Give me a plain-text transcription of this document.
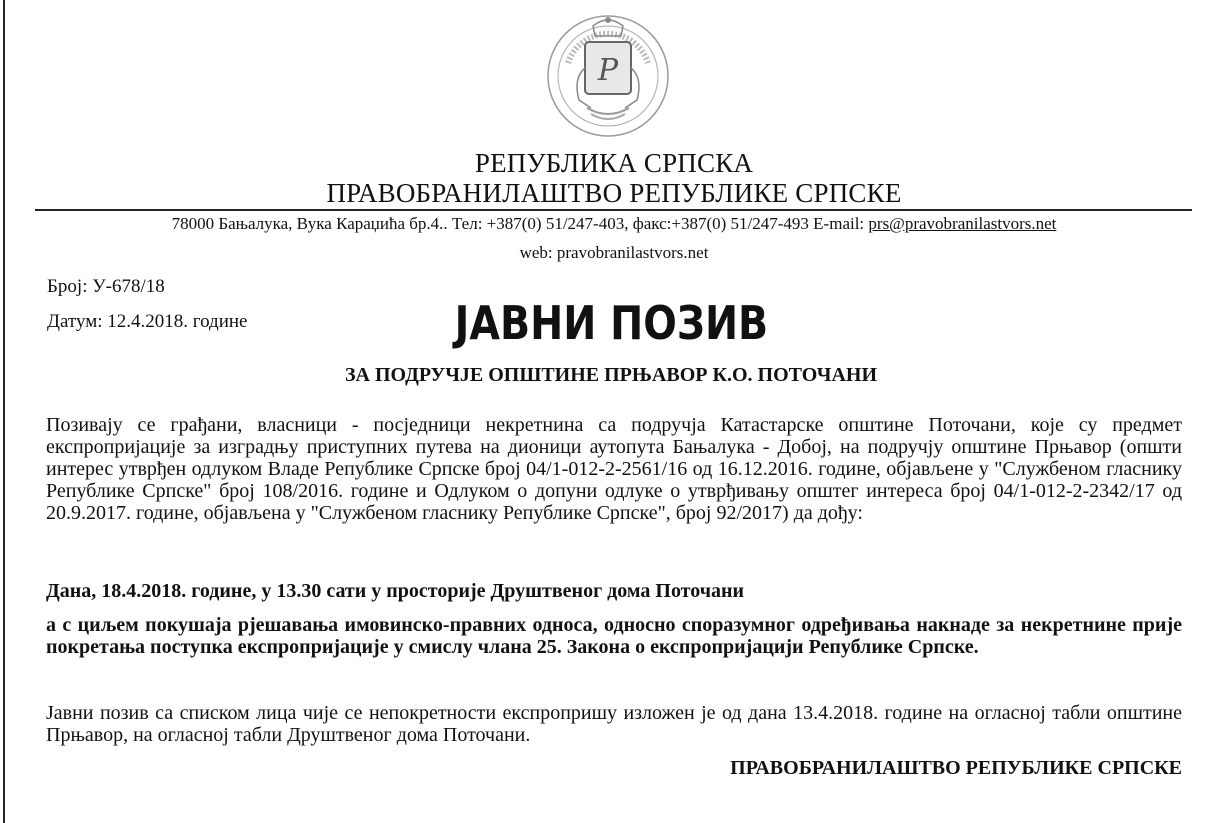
P
РЕПУБЛИКА СРПСКА
ПРАВОБРАНИЛАШТВО РЕПУБЛИКЕ СРПСКЕ
78000 Бањалука, Вука Караџића бр.4.. Тел: +387(0) 51/247-403, факс:+387(0) 51/247-493 E-mail: prs@pravobranilastvors.net
web: pravobranilastvors.net
Број: У-678/18
Датум: 12.4.2018. године	ЈАВНИ ПОЗИВ
ЗА ПОДРУЧЈЕ ОПШТИНЕ ПРЊАВОР К.О. ПОТОЧАНИ
Позивају се грађани, власници - посједници некретнина са подручја Катастарске општине Поточани, које су предмет експропријације за изградњу приступних путева на дионици аутопута Бањалука - Добој, на подручју општине Прњавор (општи интерес утврђен одлуком Владе Републике Српске број 04/1-012-2-2561/16 од 16.12.2016. године, објављене у "Службеном гласнику Републике Српске" број 108/2016. године и Одлуком о допуни одлуке о утврђивању општег интереса број 04/1-012-2-2342/17 од 20.9.2017. године, објављена у "Службеном гласнику Републике Српске", број 92/2017) да дођу:
Дана, 18.4.2018. године, у 13.30 сати у просторије Друштвеног дома Поточани
а с циљем покушаја рјешавања имовинско-правних односа, односно споразумног одређивања накнаде за некретнине прије покретања поступка експропријације у смислу члана 25. Закона о експропријацији Републике Српске.
Јавни позив са списком лица чије се непокретности експропришу изложен је од дана 13.4.2018. године на огласној табли општине Прњавор, на огласној табли Друштвеног дома Поточани.
ПРАВОБРАНИЛАШТВО РЕПУБЛИКЕ СРПСКЕ
